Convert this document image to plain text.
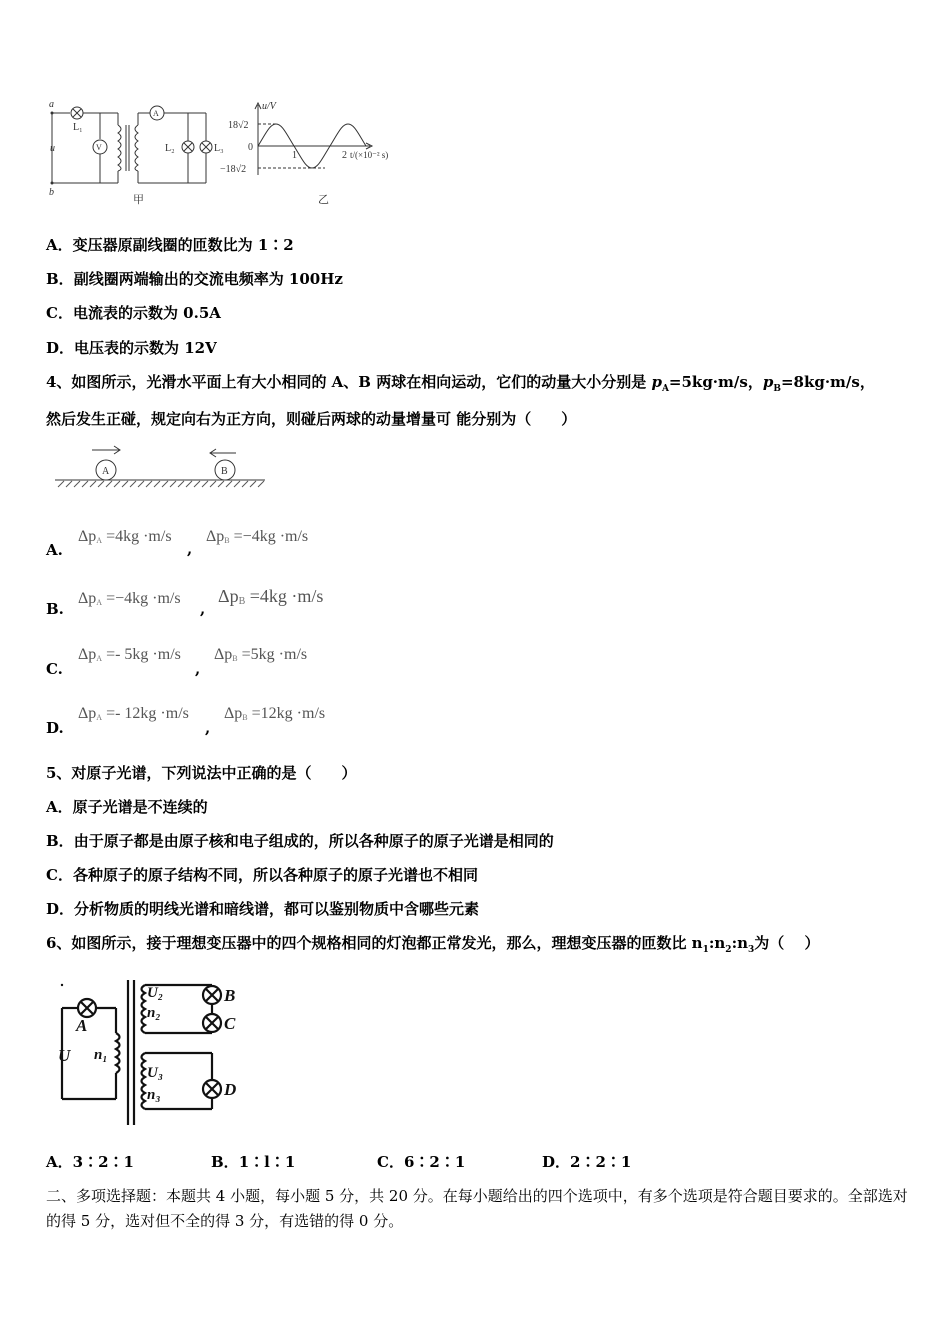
a
b
u
L₁
V
A
L₂	L₃
甲
u/V
18√2
0
−18√2
1	2 t/(×10⁻² s)
乙
A．变压器原副线圈的匝数比为 1∶2
B．副线圈两端输出的交流电频率为 100Hz
C．电流表的示数为 0.5A
D．电压表的示数为 12V
4、如图所示，光滑水平面上有大小相同的 A、B 两球在相向运动，它们的动量大小分别是 $p_A=5kg\cdot m/s$，$p_B=8kg\cdot m/s$，
然后发生正碰，规定向右为正方向，则碰后两球的动量增量可 能分别为（　　）
A	B
A.
$\Delta p_A =4kg \cdot m/s$
,
$\Delta p_B =-4kg \cdot m/s$
B.
$\Delta p_A =-4kg \cdot m/s$
,
$\Delta p_B =4kg \cdot m/s$
C.
$\Delta p_A =- 5kg \cdot m/s$
,
$\Delta p_B =5kg \cdot m/s$
D.
$\Delta p_A =- 12kg \cdot m/s$
,
$\Delta p_B =12kg \cdot m/s$
5、对原子光谱，下列说法中正确的是（　　）
A．原子光谱是不连续的
B．由于原子都是由原子核和电子组成的，所以各种原子的原子光谱是相同的
C．各种原子的原子结构不同，所以各种原子的原子光谱也不相同
D．分析物质的明线光谱和暗线谱，都可以鉴别物质中含哪些元素
6、如图所示，接于理想变压器中的四个规格相同的灯泡都正常发光，那么，理想变压器的匝数比 $n_1:n_2:n_3$为（　 ）
U
A
n₁
U₂
n₂
B
C
U₃
n₃	D
A．3∶2∶1	B．1∶l∶1	C．6∶2∶1	D．2∶2∶1
二、多项选择题：本题共 4 小题，每小题 5 分，共 20 分。在每小题给出的四个选项中，有多个选项是符合题目要求的。全部选对的得 5 分，选对但不全的得 3 分，有选错的得 0 分。
